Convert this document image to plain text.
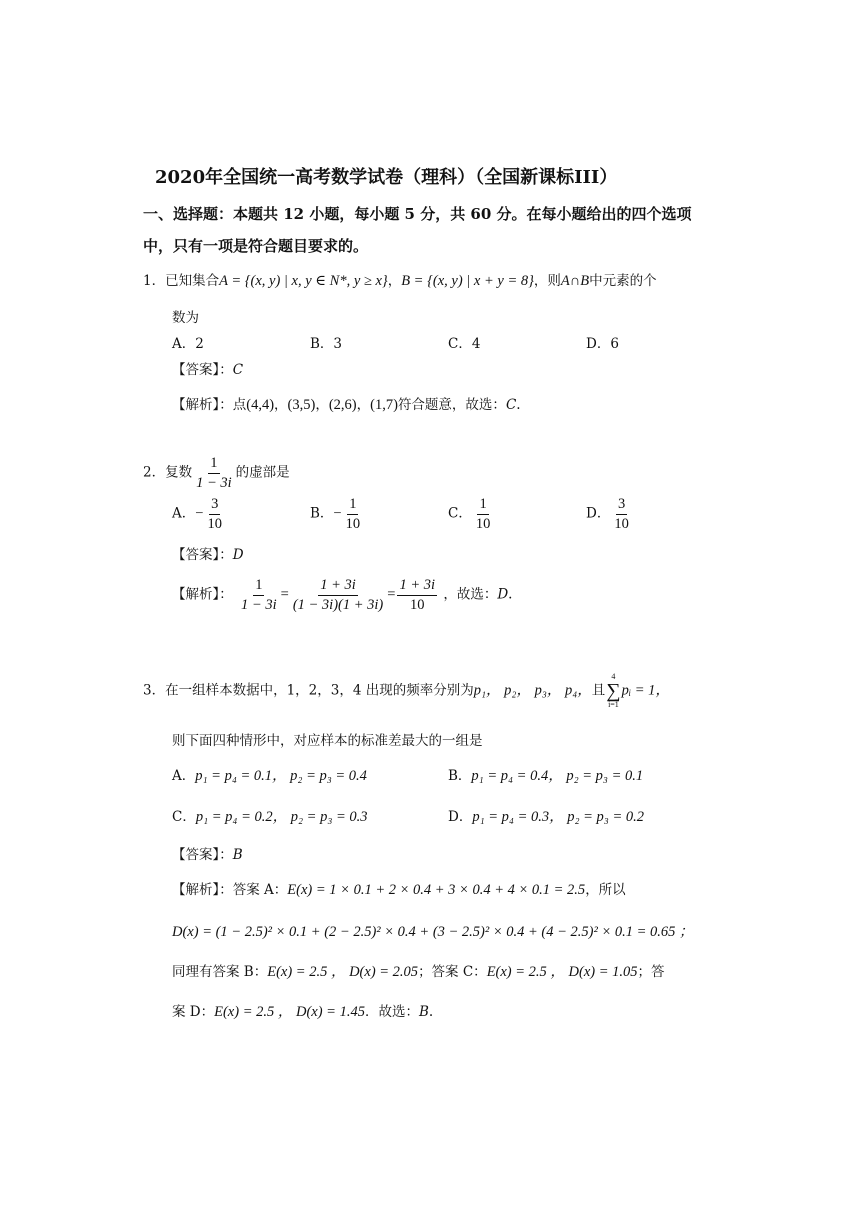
2020年全国统一高考数学试卷（理科）（全国新课标III）
一、选择题：本题共 12 小题，每小题 5 分，共 60 分。在每小题给出的四个选项
中，只有一项是符合题目要求的。
1．已知集合A = {(x, y) | x, y ∈ N*, y ≥ x}，B = {(x, y) | x + y = 8}，则A∩B中元素的个
数为
A．2	B．3	C．4	D．6
【答案】：C
【解析】：点(4,4)，(3,5)，(2,6)，(1,7)符合题意，故选：C.
2．复数 $\frac{1}{1 - 3i}$ 的虚部是
A．− $\frac{3}{10}$	B．− $\frac{1}{10}$	C． $\frac{1}{10}$	D． $\frac{3}{10}$
【答案】：D
【解析】： $\frac{1}{1 - 3i} = \frac{1 + 3i}{(1 - 3i)(1 + 3i)} = \frac{1 + 3i}{10}$ ，故选：D.
3．在一组样本数据中，1，2，3，4 出现的频率分别为p₁， p₂， p₃， p₄，且
4
∑
i=1
pᵢ = 1，
则下面四种情形中，对应样本的标准差最大的一组是
A．p₁ = p₄ = 0.1， p₂ = p₃ = 0.4	B．p₁ = p₄ = 0.4， p₂ = p₃ = 0.1
C．p₁ = p₄ = 0.2， p₂ = p₃ = 0.3	D．p₁ = p₄ = 0.3， p₂ = p₃ = 0.2
【答案】：B
【解析】：答案 A：E(x) = 1 × 0.1 + 2 × 0.4 + 3 × 0.4 + 4 × 0.1 = 2.5，所以
D(x) = (1 − 2.5)² × 0.1 + (2 − 2.5)² × 0.4 + (3 − 2.5)² × 0.4 + (4 − 2.5)² × 0.1 = 0.65 ；
同理有答案 B：E(x) = 2.5 ， D(x) = 2.05；答案 C：E(x) = 2.5 ， D(x) = 1.05；答
案 D：E(x) = 2.5 ， D(x) = 1.45．故选：B.
